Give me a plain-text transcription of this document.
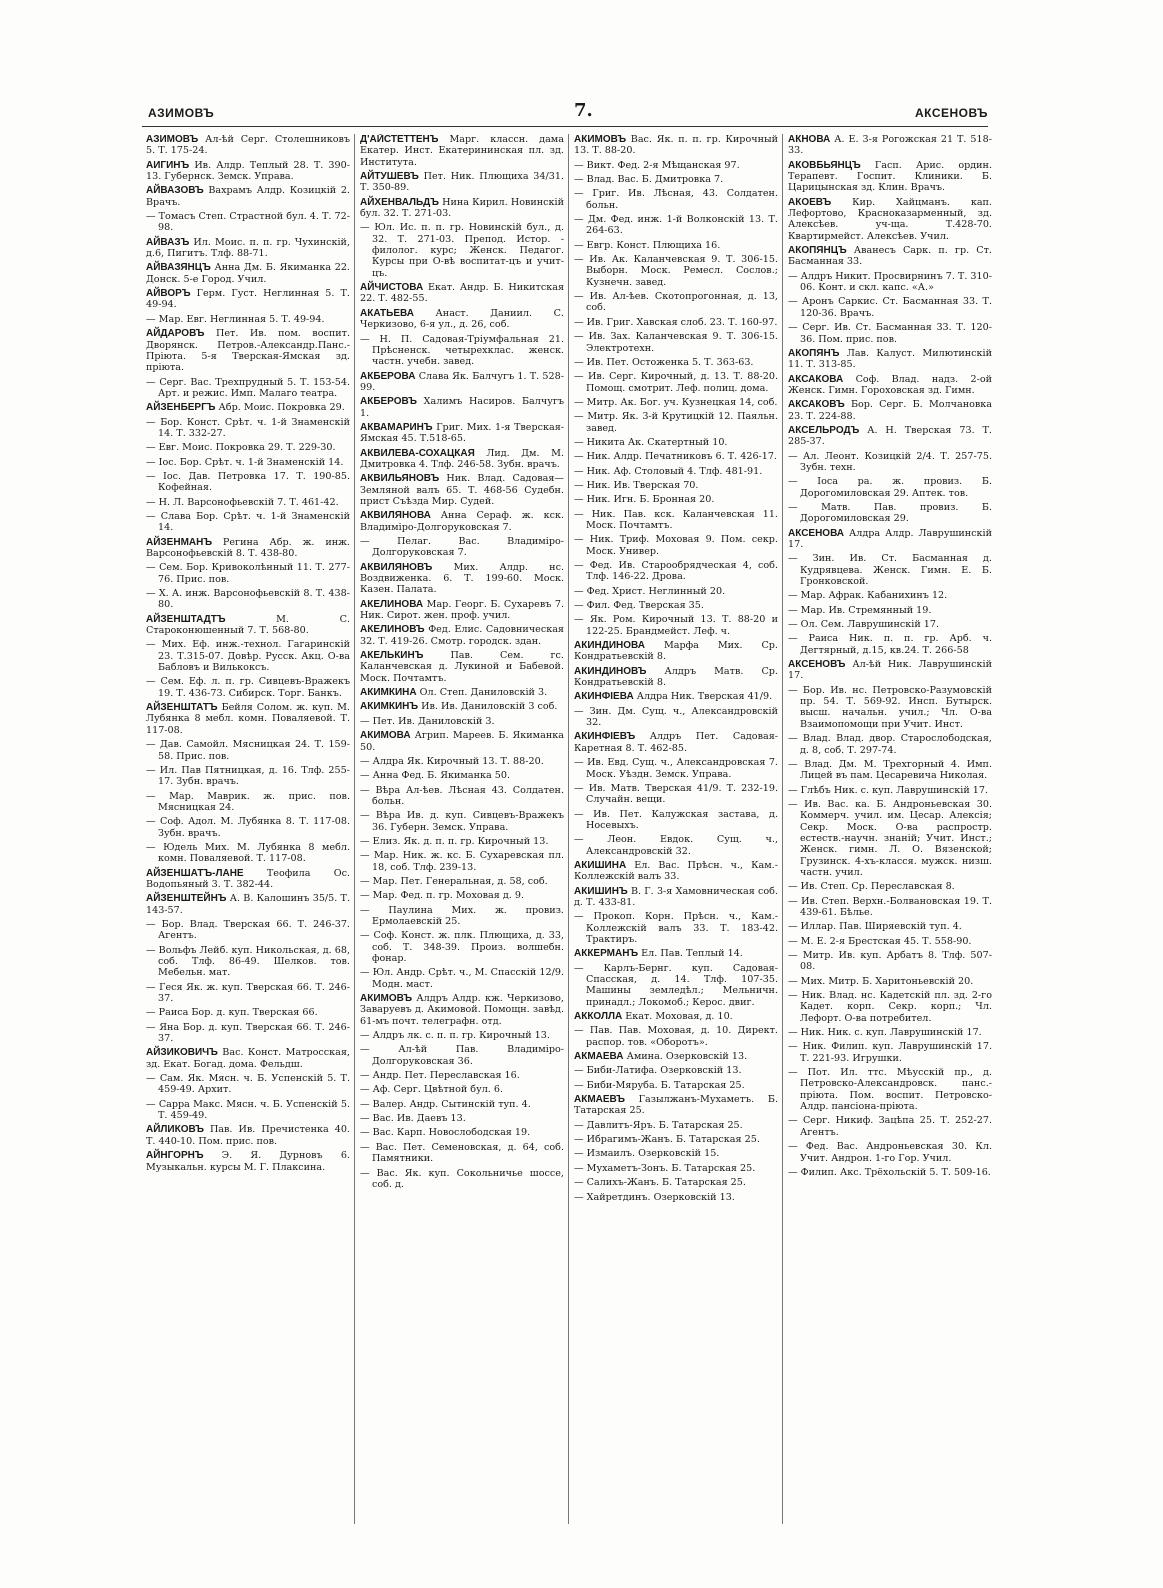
АЗИМОВЪ	7.	АКСЕНОВЪ
АЗИМОВЪ Ал-ѣй Серг. Столешниковъ 5. Т. 175-24.
АИГИНЪ Ив. Алдр. Теплый 28. Т. 390-13. Губернск. Земск. Управа.
АЙВАЗОВЪ Вахрамъ Алдр. Козицкій 2. Врачъ.
— Томасъ Степ. Страстной бул. 4. Т. 72-98.
АЙВАЗЪ Ил. Моис. п. п. гр. Чухинскій, д.6, Пигитъ. Тлф. 88-71.
АЙВАЗЯНЦЪ Анна Дм. Б. Якиманка 22. Донск. 5-е Город. Учил.
АЙВОРЪ Герм. Густ. Неглинная 5. Т. 49-94.
— Мар. Евг. Неглинная 5. Т. 49-94.
АЙДАРОВЪ Пет. Ив. пом. воспит. Дворянск. Петров.-Александр.Панс.-Пріюта. 5-я Тверская-Ямская зд. пріюта.
— Серг. Вас. Трехпрудный 5. Т. 153-54. Арт. и режис. Имп. Малаго театра.
АЙЗЕНБЕРГЪ Абр. Моис. Покровка 29.
— Бор. Конст. Срѣт. ч. 1-й Знаменскій 14. Т. 332-27.
— Евг. Моис. Покровка 29. Т. 229-30.
— Іос. Бор. Срѣт. ч. 1-й Знаменскій 14.
— Іос. Дав. Петровка 17. Т. 190-85. Кофейная.
— Н. Л. Варсонофьевскій 7. Т. 461-42.
— Слава Бор. Срѣт. ч. 1-й Знаменскій 14.
АЙЗЕНМАНЪ Регина Абр. ж. инж. Варсонофьевскій 8. Т. 438-80.
— Сем. Бор. Кривоколѣнный 11. Т. 277-76. Прис. пов.
— Х. А. инж. Варсонофьевскій 8. Т. 438-80.
АЙЗЕНШТАДТЪ	М. С. Староконюшенный 7. Т. 568-80.
— Мих. Еф. инж.-технол. Гагаринскій 23. Т.315-07. Довѣр. Русск. Акц. О-ва Бабловъ и Вилькоксъ.
— Сем. Еф. л. п. гр. Сивцевъ-Вражекъ 19. Т. 436-73. Сибирск. Торг. Банкъ.
АЙЗЕНШТАТЪ Бейля Солом. ж. куп. М. Лубянка 8 мебл. комн. Поваляевой. Т. 117-08.
— Дав. Самойл. Мясницкая 24. Т. 159-58. Прис. пов.
— Ил. Пав Пятницкая, д. 16. Тлф. 255-17. Зубн. врачъ.
— Мар. Маврик. ж. прис. пов. Мясницкая 24.
— Соф. Адол. М. Лубянка 8. Т. 117-08. Зубн. врачъ.
— Юдель Мих. М. Лубянка 8 мебл. комн. Поваляевой. Т. 117-08.
АЙЗЕНШАТЪ-ЛАНЕ Теофила Ос. Водопьяный 3. Т. 382-44.
АЙЗЕНШТЕЙНЪ А. В. Калошинъ 35/5. Т. 143-57.
— Бор. Влад. Тверская 66. Т. 246-37. Агентъ.
— Вольфъ Лейб. куп. Никольская, д. 68, соб. Тлф. 86-49. Шелков. тов. Мебельн. мат.
— Геся Як. ж. куп. Тверская 66. Т. 246-37.
— Раиса Бор. д. куп. Тверская 66.
— Яна Бор. д. куп. Тверская 66. Т. 246-37.
АЙЗИКОВИЧЪ Вас. Конст. Матросская, зд. Екат. Богад. дома. Фельдш.
— Сам. Як. Мясн. ч. Б. Успенскій 5. Т. 459-49. Архит.
— Сарра Макс. Мясн. ч. Б. Успенскій 5. Т. 459-49.
АЙЛИКОВЪ Пав. Ив. Пречистенка 40. Т. 440-10. Пом. прис. пов.
АЙНГОРНЪ Э. Я. Дурновъ 6. Музыкальн. курсы М. Г. Плаксина.
Д'АЙСТЕТТЕНЪ Марг. классн. дама Екатер. Инст. Екатерининская пл. зд. Института.
АЙТУШЕВЪ Пет. Ник. Плющиха 34/31. Т. 350-89.
АЙХЕНВАЛЬДЪ Нина Кирил. Новинскій бул. 32. Т. 271-03.
— Юл. Ис. п. п. гр. Новинскій бул., д. 32. Т. 271-03. Препод. Истор. - филолог. курс; Женск. Педагог. Курсы при О-вѣ воспитат-цъ и учит-цъ.
АЙЧИСТОВА Екат. Андр. Б. Никитская 22. Т. 482-55.
АКАТЬЕВА Анаст. Даниил. С. Черкизово, 6-я ул., д. 26, соб.
— Н. П. Садовая-Тріумфальная 21. Прѣсненск. четырехклас. женск. частн. учебн. завед.
АКБЕРОВА Слава Як. Балчугъ 1. Т. 528-99.
АКБЕРОВЪ Халимъ Насиров. Балчугъ 1.
АКВАМАРИНЪ Григ. Мих. 1-я Тверская-Ямская 45. Т.518-65.
АКВИЛЕВА-СОХАЦКАЯ Лид. Дм. М. Дмитровка 4. Тлф. 246-58. Зубн. врачъ.
АКВИЛЬЯНОВЪ Ник. Влад. Садовая—Земляной валъ 65. Т. 468-56 Судебн. прист Съѣзда Мир. Судей.
АКВИЛЯНОВА Анна Сераф. ж. кск. Владиміро-Долгоруковская 7.
— Пелаг. Вас. Владиміро-Долгоруковская 7.
АКВИЛЯНОВЪ Мих. Алдр. нс. Воздвиженка. 6. Т. 199-60. Моск. Казен. Палата.
АКЕЛИНОВА Мар. Георг. Б. Сухаревъ 7. Ник. Сирот. жен. проф. учил.
АКЕЛИНОВЪ Фед. Елис. Садовническая 32. Т. 419-26. Смотр. городск. здан.
АКЕЛЬКИНЪ	Пав. Сем. гс. Каланчевская д. Лукиной и Бабевой. Моск. Почтамтъ.
АКИМКИНА Ол. Степ. Даниловскій 3.
АКИМКИНЪ Ив. Ив. Даниловскій 3 соб.
— Пет. Ив. Даниловскій 3.
АКИМОВА Агрип. Мареев. Б. Якиманка 50.
— Алдра Як. Кирочный 13. Т. 88-20.
— Анна Фед. Б. Якиманка 50.
— Вѣра Ал-ѣев. Лѣсная 43. Солдатен. больн.
— Вѣра Ив. д. куп. Сивцевъ-Вражекъ 36. Губерн. Земск. Управа.
— Елиз. Як. д. п. п. гр. Кирочный 13.
— Мар. Ник. ж. кс. Б. Сухаревская пл. 18, соб. Тлф. 239-13.
— Мар. Пет. Генеральная, д. 58, соб.
— Мар. Фед. п. гр. Моховая д. 9.
— Паулина Мих. ж. провиз. Ермолаевскій 25.
— Соф. Конст. ж. плк. Плющиха, д. 33, соб. Т. 348-39. Произ. волшебн. фонар.
— Юл. Андр. Срѣт. ч., М. Спасскій 12/9. Модн. маст.
АКИМОВЪ Алдръ Алдр. кж. Черкизово, Заваруевъ д. Акимовой. Помощн. завѣд. 61-мъ почт. телеграфн. отд.
— Алдръ лк. с. п. п. гр. Кирочный 13.
— Ал-ѣй Пав. Владиміро-Долгоруковская 36.
— Андр. Пет. Переславская 16.
— Аф. Серг. Цвѣтной бул. 6.
— Валер. Андр. Сытинскій туп. 4.
— Вас. Ив. Даевъ 13.
— Вас. Карп. Новослободская 19.
— Вас. Пет. Семеновская, д. 64, соб. Памятники.
— Вас. Як. куп. Сокольничье шоссе, соб. д.
АКИМОВЪ Вас. Як. п. п. гр. Кирочный 13. Т. 88-20.
— Викт. Фед. 2-я Мѣщанская 97.
— Влад. Вас. Б. Дмитровка 7.
— Григ. Ив. Лѣсная, 43. Солдатен. больн.
— Дм. Фед. инж. 1-й Волконскій 13. Т. 264-63.
— Евгр. Конст. Плющиха 16.
— Ив. Ак. Каланчевская 9. Т. 306-15. Выборн. Моск. Ремесл. Сослов.; Кузнечн. завед.
— Ив. Ал-ѣев. Скотопрогонная, д. 13, соб.
— Ив. Григ. Хавская слоб. 23. Т. 160-97.
— Ив. Зах. Каланчевская 9. Т. 306-15. Электротехн.
— Ив. Пет. Остоженка 5. Т. 363-63.
— Ив. Серг. Кирочный, д. 13. Т. 88-20. Помощ. смотрит. Леф. полиц. дома.
— Митр. Ак. Бог. уч. Кузнецкая 14, соб.
— Митр. Як. 3-й Крутицкій 12. Паяльн. завед.
— Никита Ак. Скатертный 10.
— Ник. Алдр. Печатниковъ 6. Т. 426-17.
— Ник. Аф. Столовый 4. Тлф. 481-91.
— Ник. Ив. Тверская 70.
— Ник. Игн. Б. Бронная 20.
— Ник. Пав. кск. Каланчевская 11. Моск. Почтамтъ.
— Ник. Триф. Моховая 9. Пом. секр. Моск. Универ.
— Фед. Ив. Старообрядческая 4, соб. Тлф. 146-22. Дрова.
— Фед. Христ. Неглинный 20.
— Фил. Фед. Тверская 35.
— Як. Ром. Кирочный 13. Т. 88-20 и 122-25. Брандмейст. Леф. ч.
АКИНДИНОВА Марфа Мих. Ср. Кондратьевскій 8.
АКИНДИНОВЪ Алдръ Матв. Ср. Кондратьевскій 8.
АКИНФІЕВА Алдра Ник. Тверская 41/9.
— Зин. Дм. Сущ. ч., Александровскій 32.
АКИНФІЕВЪ Алдръ Пет. Садовая-Каретная 8. Т. 462-85.
— Ив. Евд. Сущ. ч., Александровская 7. Моск. Уѣздн. Земск. Управа.
— Ив. Матв. Тверская 41/9. Т. 232-19. Случайн. вещи.
— Ив. Пет. Калужская застава, д. Носевыхъ.
— Леон. Евдок. Сущ. ч., Александровскій 32.
АКИШИНА Ел. Вас. Прѣсн. ч., Кам.-Коллежскій валъ 33.
АКИШИНЪ В. Г. 3-я Хамовническая соб. д. Т. 433-81.
— Прокоп. Корн. Прѣсн. ч., Кам.-Коллежскій валъ 33. Т. 183-42. Трактиръ.
АККЕРМАНЪ Ел. Пав. Теплый 14.
— Карлъ-Бернг. куп. Садовая-Спасская, д. 14. Тлф. 107-35. Машины земледѣл.; Мельничн. принадл.; Локомоб.; Керос. двиг.
АККОЛЛА Екат. Моховая, д. 10.
— Пав. Пав. Моховая, д. 10. Директ. распор. тов. «Оборотъ».
АКМАЕВА Амина. Озерковскій 13.
— Биби-Латифа. Озерковскій 13.
— Биби-Мяруба. Б. Татарская 25.
АКМАЕВЪ Газылжанъ-Мухаметъ. Б. Татарская 25.
— Давлитъ-Яръ. Б. Татарская 25.
— Ибрагимъ-Жанъ. Б. Татарская 25.
— Измаилъ. Озерковскій 15.
— Мухаметъ-Зонъ. Б. Татарская 25.
— Салихъ-Жанъ. Б. Татарская 25.
— Хайретдинъ. Озерковскій 13.
АКНОВА А. Е. 3-я Рогожская 21 Т. 518-33.
АКОВБЬЯНЦЪ Гасп. Арис. ордин. Терапевт. Госпит. Клиники. Б. Царицынская зд. Клин. Врачъ.
АКОЕВЪ Кир. Хайцманъ. кап. Лефортово, Красноказарменный, зд. Алексѣев. уч-ща. Т.428-70. Квартирмейст. Алексѣев. Учил.
АКОПЯНЦЪ Аванесъ Сарк. п. гр. Ст. Басманная 33.
— Алдръ Никит. Просвирнинъ 7. Т. 310-06. Конт. и скл. капс. «А.»
— Аронъ Саркис. Ст. Басманная 33. Т. 120-36. Врачъ.
— Серг. Ив. Ст. Басманная 33. Т. 120-36. Пом. прис. пов.
АКОПЯНЪ Лав. Калуст. Милютинскій 11. Т. 313-85.
АКСАКОВА Соф. Влад. надз. 2-ой Женск. Гимн. Гороховская зд. Гимн.
АКСАКОВЪ Бор. Серг. Б. Молчановка 23. Т. 224-88.
АКСЕЛЬРОДЪ А. Н. Тверская 73. Т. 285-37.
— Ал. Леонт. Козицкій 2/4. Т. 257-75. Зубн. техн.
— Іоса ра. ж. провиз. Б. Дорогомиловская 29. Аптек. тов.
— Матв. Пав. провиз. Б. Дорогомиловская 29.
АКСЕНОВА Алдра Алдр. Лаврушинскій 17.
— Зин. Ив. Ст. Басманная д. Кудрявцева. Женск. Гимн. Е. Б. Гронковской.
— Мар. Афрак. Кабанихинъ 12.
— Мар. Ив. Стремянный 19.
— Ол. Сем. Лаврушинскій 17.
— Раиса Ник. п. п. гр. Арб. ч. Дегтярный, д.15, кв.24. Т. 266-58
АКСЕНОВЪ Ал-ѣй Ник. Лаврушинскій 17.
— Бор. Ив. нс. Петровско-Разумовскій пр. 54. Т. 569-92. Инсп. Бутырск. высш. начальн. учил.; Чл. О-ва Взаимопомощи при Учит. Инст.
— Влад. Влад. двор. Старослободская, д. 8, соб. Т. 297-74.
— Влад. Дм. М. Трехгорный 4. Имп. Лицей въ пам. Цесаревича Николая.
— Глѣбъ Ник. с. куп. Лаврушинскій 17.
— Ив. Вас. ка. Б. Андроньевская 30. Коммерч. учил. им. Цесар. Алексія; Секр. Моск. О-ва распростр. естеств.-научн. знаній; Учит. Инст.; Женск. гимн. Л. О. Вязенской; Грузинск. 4-хъ-класся. мужск. низш. частн. учил.
— Ив. Степ. Ср. Переславская 8.
— Ив. Степ. Верхн.-Болвановская 19. Т. 439-61. Бѣлье.
— Иллар. Пав. Ширяевскій туп. 4.
— М. Е. 2-я Брестская 45. Т. 558-90.
— Митр. Ив. куп. Арбатъ 8. Тлф. 507-08.
— Мих. Митр. Б. Харитоньевскій 20.
— Ник. Влад. нс. Кадетскій пл. зд. 2-го Кадет. корп. Секр. корп.; Чл. Лефорт. О-ва потребител.
— Ник. Ник. с. куп. Лаврушинскій 17.
— Ник. Филип. куп. Лаврушинскій 17. Т. 221-93. Игрушки.
— Пот. Ил. ттс. Мѣусскій пр., д. Петровско-Александровск. панс.-пріюта. Пом. воспит. Петровско-Алдр. пансіона-пріюта.
— Серг. Никиф. Зацѣпа 25. Т. 252-27. Агентъ.
— Фед. Вас. Андроньевская 30. Кл. Учит. Андрон. 1-го Гор. Учил.
— Филип. Акс. Трёхольскій 5. Т. 509-16.
